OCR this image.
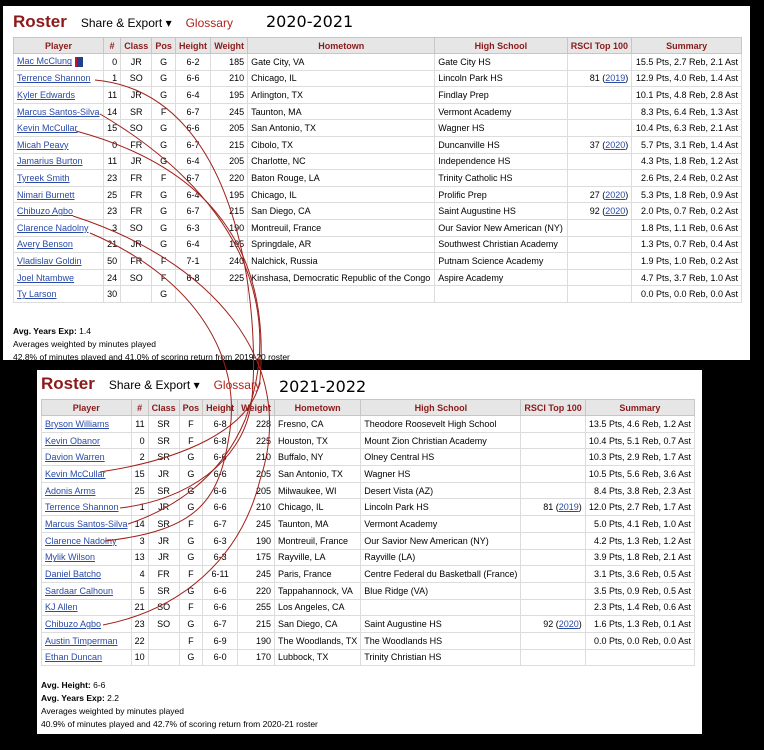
Roster Share & Export ▾ Glossary 2020-2021
Player	#	Class	Pos	Height	Weight	Hometown	High School	RSCI Top 100	Summary
Mac McClung	0	JR	G	6-2	185	Gate City, VA	Gate City HS		15.5 Pts, 2.7 Reb, 2.1 Ast
Terrence Shannon	1	SO	G	6-6	210	Chicago, IL	Lincoln Park HS	81 (2019)	12.9 Pts, 4.0 Reb, 1.4 Ast
Kyler Edwards	11	JR	G	6-4	195	Arlington, TX	Findlay Prep		10.1 Pts, 4.8 Reb, 2.8 Ast
Marcus Santos-Silva	14	SR	F	6-7	245	Taunton, MA	Vermont Academy		8.3 Pts, 6.4 Reb, 1.3 Ast
Kevin McCullar	15	SO	G	6-6	205	San Antonio, TX	Wagner HS		10.4 Pts, 6.3 Reb, 2.1 Ast
Micah Peavy	0	FR	G	6-7	215	Cibolo, TX	Duncanville HS	37 (2020)	5.7 Pts, 3.1 Reb, 1.4 Ast
Jamarius Burton	11	JR	G	6-4	205	Charlotte, NC	Independence HS		4.3 Pts, 1.8 Reb, 1.2 Ast
Tyreek Smith	23	FR	F	6-7	220	Baton Rouge, LA	Trinity Catholic HS		2.6 Pts, 2.4 Reb, 0.2 Ast
Nimari Burnett	25	FR	G	6-4	195	Chicago, IL	Prolific Prep	27 (2020)	5.3 Pts, 1.8 Reb, 0.9 Ast
Chibuzo Agbo	23	FR	G	6-7	215	San Diego, CA	Saint Augustine HS	92 (2020)	2.0 Pts, 0.7 Reb, 0.2 Ast
Clarence Nadolny	3	SO	G	6-3	190	Montreuil, France	Our Savior New American (NY)		1.8 Pts, 1.1 Reb, 0.6 Ast
Avery Benson	21	JR	G	6-4	195	Springdale, AR	Southwest Christian Academy		1.3 Pts, 0.7 Reb, 0.4 Ast
Vladislav Goldin	50	FR	F	7-1	240	Nalchick, Russia	Putnam Science Academy		1.9 Pts, 1.0 Reb, 0.2 Ast
Joel Ntambwe	24	SO	F	6-8	225	Kinshasa, Democratic Republic of the Congo	Aspire Academy		4.7 Pts, 3.7 Reb, 1.0 Ast
Ty Larson	30		G						0.0 Pts, 0.0 Reb, 0.0 Ast
Avg. Years Exp: 1.4
Averages weighted by minutes played
42.8% of minutes played and 41.0% of scoring return from 2019-20 roster
Roster Share & Export ▾ Glossary 2021-2022
Player	#	Class	Pos	Height	Weight	Hometown	High School	RSCI Top 100	Summary
Bryson Williams	11	SR	F	6-8	228	Fresno, CA	Theodore Roosevelt High School		13.5 Pts, 4.6 Reb, 1.2 Ast
Kevin Obanor	0	SR	F	6-8	225	Houston, TX	Mount Zion Christian Academy		10.4 Pts, 5.1 Reb, 0.7 Ast
Davion Warren	2	SR	G	6-6	210	Buffalo, NY	Olney Central HS		10.3 Pts, 2.9 Reb, 1.7 Ast
Kevin McCullar	15	JR	G	6-6	205	San Antonio, TX	Wagner HS		10.5 Pts, 5.6 Reb, 3.6 Ast
Adonis Arms	25	SR	G	6-6	205	Milwaukee, WI	Desert Vista (AZ)		8.4 Pts, 3.8 Reb, 2.3 Ast
Terrence Shannon	1	JR	G	6-6	210	Chicago, IL	Lincoln Park HS	81 (2019)	12.0 Pts, 2.7 Reb, 1.7 Ast
Marcus Santos-Silva	14	SR	F	6-7	245	Taunton, MA	Vermont Academy		5.0 Pts, 4.1 Reb, 1.0 Ast
Clarence Nadolny	3	JR	G	6-3	190	Montreuil, France	Our Savior New American (NY)		4.2 Pts, 1.3 Reb, 1.2 Ast
Mylik Wilson	13	JR	G	6-3	175	Rayville, LA	Rayville (LA)		3.9 Pts, 1.8 Reb, 2.1 Ast
Daniel Batcho	4	FR	F	6-11	245	Paris, France	Centre Federal du Basketball (France)		3.1 Pts, 3.6 Reb, 0.5 Ast
Sardaar Calhoun	5	SR	G	6-6	220	Tappahannock, VA	Blue Ridge (VA)		3.5 Pts, 0.9 Reb, 0.5 Ast
KJ Allen	21	SO	F	6-6	255	Los Angeles, CA			2.3 Pts, 1.4 Reb, 0.6 Ast
Chibuzo Agbo	23	SO	G	6-7	215	San Diego, CA	Saint Augustine HS	92 (2020)	1.6 Pts, 1.3 Reb, 0.1 Ast
Austin Timperman	22		F	6-9	190	The Woodlands, TX	The Woodlands HS		0.0 Pts, 0.0 Reb, 0.0 Ast
Ethan Duncan	10		G	6-0	170	Lubbock, TX	Trinity Christian HS		
Avg. Height: 6-6
Avg. Years Exp: 2.2
Averages weighted by minutes played
40.9% of minutes played and 42.7% of scoring return from 2020-21 roster
